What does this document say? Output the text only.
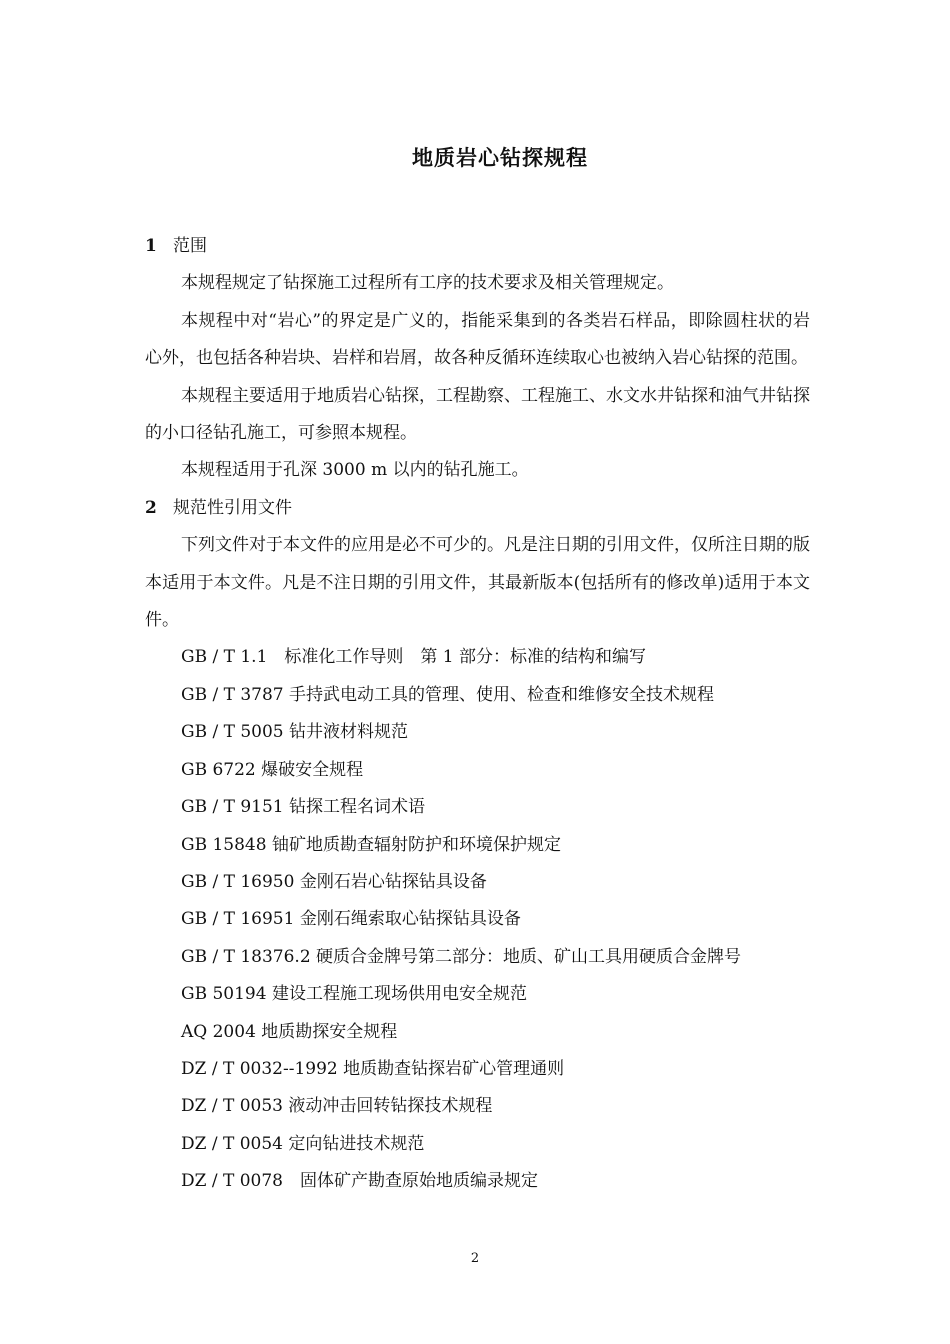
地质岩心钻探规程
1 范围

本规程规定了钻探施工过程所有工序的技术要求及相关管理规定。

本规程中对“岩心”的界定是广义的，指能采集到的各类岩石样品，即除圆柱状的岩心外，也包括各种岩块、岩样和岩屑，故各种反循环连续取心也被纳入岩心钻探的范围。

本规程主要适用于地质岩心钻探，工程勘察、工程施工、水文水井钻探和油气井钻探的小口径钻孔施工，可参照本规程。

本规程适用于孔深 3000 m 以内的钻孔施工。

2 规范性引用文件

下列文件对于本文件的应用是必不可少的。凡是注日期的引用文件，仅所注日期的版本适用于本文件。凡是不注日期的引用文件，其最新版本(包括所有的修改单)适用于本文件。

GB / T 1.1　标准化工作导则　第 1 部分：标准的结构和编写
GB / T 3787 手持武电动工具的管理、使用、检查和维修安全技术规程
GB / T 5005 钻井液材料规范
GB 6722 爆破安全规程
GB / T 9151 钻探工程名词术语
GB 15848 铀矿地质勘查辐射防护和环境保护规定
GB / T 16950 金刚石岩心钻探钻具设备
GB / T 16951 金刚石绳索取心钻探钻具设备
GB / T 18376.2 硬质合金牌号第二部分：地质、矿山工具用硬质合金牌号
GB 50194 建设工程施工现场供用电安全规范
AQ 2004 地质勘探安全规程
DZ / T 0032--1992 地质勘查钻探岩矿心管理通则
DZ / T 0053 液动冲击回转钻探技术规程
DZ / T 0054 定向钻进技术规范
DZ / T 0078　固体矿产勘查原始地质编录规定
2
